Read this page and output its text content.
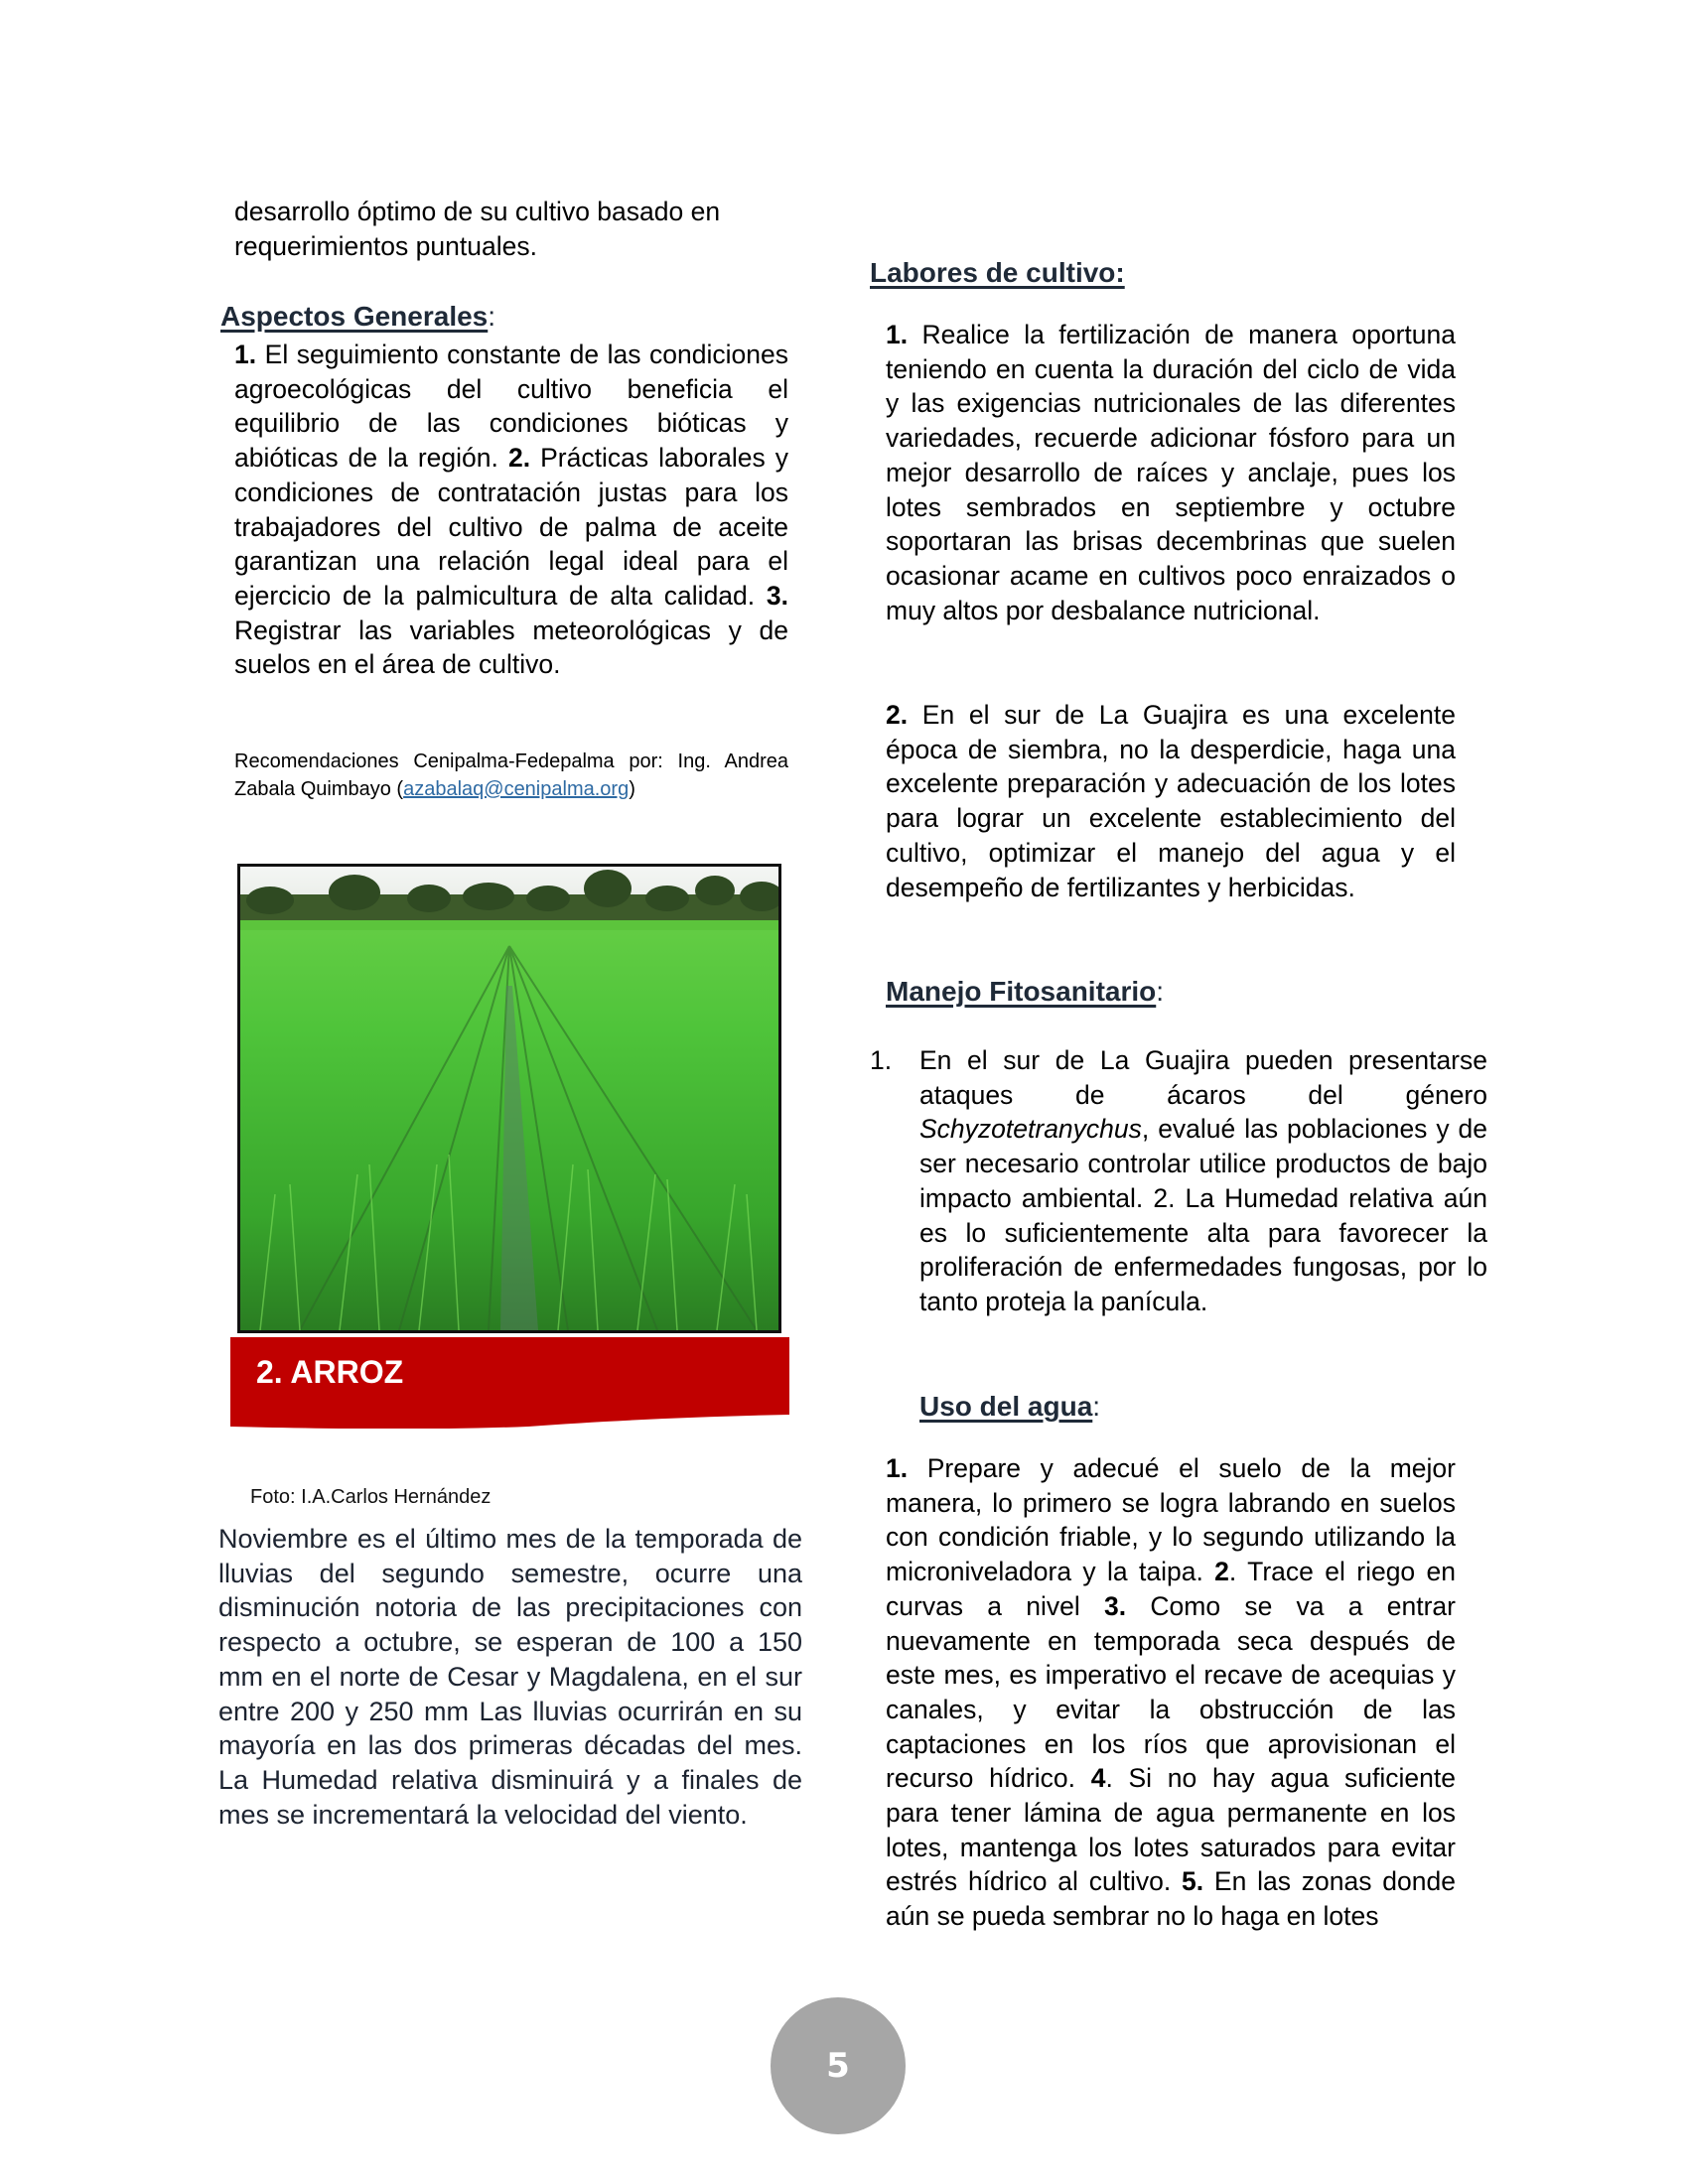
desarrollo óptimo de su cultivo basado en requerimientos puntuales.
Aspectos Generales:
1. El seguimiento constante de las condiciones agroecológicas del cultivo beneficia el equilibrio de las condiciones bióticas y abióticas de la región. 2. Prácticas laborales y condiciones de contratación justas para los trabajadores del cultivo de palma de aceite garantizan una relación legal ideal para el ejercicio de la palmicultura de alta calidad. 3. Registrar las variables meteorológicas y de suelos en el área de cultivo.
Recomendaciones Cenipalma-Fedepalma por: Ing. Andrea Zabala Quimbayo (azabalaq@cenipalma.org)
2. ARROZ
Foto: I.A.Carlos Hernández
Noviembre es el último mes de la temporada de lluvias del segundo semestre, ocurre una disminución notoria de las precipitaciones con respecto a octubre, se esperan de 100 a 150 mm en el norte de Cesar y Magdalena, en el sur entre 200 y 250 mm Las lluvias ocurrirán en su mayoría en las dos primeras décadas del mes. La Humedad relativa disminuirá y a finales de mes se incrementará la velocidad del viento.
Labores de cultivo:
1. Realice la fertilización de manera oportuna teniendo en cuenta la duración del ciclo de vida y las exigencias nutricionales de las diferentes variedades, recuerde adicionar fósforo para un mejor desarrollo de raíces y anclaje, pues los lotes sembrados en septiembre y octubre soportaran las brisas decembrinas que suelen ocasionar acame en cultivos poco enraizados o muy altos por desbalance nutricional.
2. En el sur de La Guajira es una excelente época de siembra, no la desperdicie, haga una excelente preparación y adecuación de los lotes para lograr un excelente establecimiento del cultivo, optimizar el manejo del agua y el desempeño de fertilizantes y herbicidas.
Manejo Fitosanitario:
1. En el sur de La Guajira pueden presentarse ataques de ácaros del género Schyzotetranychus, evalué las poblaciones y de ser necesario controlar utilice productos de bajo impacto ambiental. 2. La Humedad relativa aún es lo suficientemente alta para favorecer la proliferación de enfermedades fungosas, por lo tanto proteja la panícula.
Uso del agua:
1. Prepare y adecué el suelo de la mejor manera, lo primero se logra labrando en suelos con condición friable, y lo segundo utilizando la microniveladora y la taipa. 2. Trace el riego en curvas a nivel 3. Como se va a entrar nuevamente en temporada seca después de este mes, es imperativo el recave de acequias y canales, y evitar la obstrucción de las captaciones en los ríos que aprovisionan el recurso hídrico. 4. Si no hay agua suficiente para tener lámina de agua permanente en los lotes, mantenga los lotes saturados para evitar estrés hídrico al cultivo. 5. En las zonas donde aún se pueda sembrar no lo haga en lotes
5
